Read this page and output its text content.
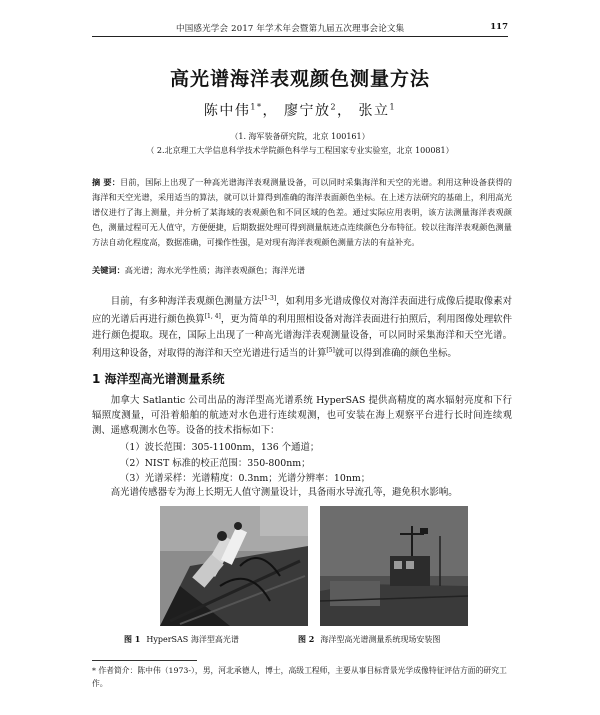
中国感光学会 2017 年学术年会暨第九届五次理事会论文集	117
高光谱海洋表观颜色测量方法
陈中伟$^{1*}$， 廖宁放$^2$， 张立$^1$
（1. 海军装备研究院，北京 100161）
（ 2.北京理工大学信息科学技术学院颜色科学与工程国家专业实验室，北京 100081）
摘 要：目前，国际上出现了一种高光谱海洋表观测量设备，可以同时采集海洋和天空的光谱。利用这种设备获得的海洋和天空光谱，采用适当的算法，就可以计算得到准确的海洋表面颜色坐标。在上述方法研究的基础上，利用高光谱仪进行了海上测量，并分析了某海域的表观颜色和不同区域的色差。通过实际应用表明，该方法测量海洋表观颜色，测量过程可无人值守，方便便捷，后期数据处理可得到测量航迹点连续颜色分布特征。较以往海洋表观颜色测量方法自动化程度高，数据准确，可操作性强，是对现有海洋表观颜色测量方法的有益补充。
关键词：高光谱；海水光学性质；海洋表观颜色；海洋光谱
目前，有多种海洋表观颜色测量方法[1-3]，如利用多光谱成像仪对海洋表面进行成像后提取像素对应的光谱后再进行颜色换算[1, 4]，更为简单的利用照相设备对海洋表面进行拍照后，利用图像处理软件进行颜色提取。现在，国际上出现了一种高光谱海洋表观测量设备，可以同时采集海洋和天空光谱。利用这种设备，对取得的海洋和天空光谱进行适当的计算[5]就可以得到准确的颜色坐标。
1 海洋型高光谱测量系统
加拿大 Satlantic 公司出品的海洋型高光谱系统 HyperSAS 提供高精度的离水辐射亮度和下行辐照度测量，可沿着船舶的航迹对水色进行连续观测，也可安装在海上观察平台进行长时间连续观测、遥感观测水色等。设备的技术指标如下：
（1）波长范围：305-1100nm，136 个通道；
（2）NIST 标准的校正范围：350-800nm；
（3）光谱采样：光谱精度：0.3nm；光谱分辨率：10nm；
高光谱传感器专为海上长期无人值守测量设计，具备雨水导流孔等，避免积水影响。
图 1 HyperSAS 海洋型高光谱	图 2 海洋型高光谱测量系统现场安装图
* 作者简介：陈中伟（1973-），男，河北承德人，博士，高级工程师，主要从事目标背景光学成像特征评估方面的研究工作。
